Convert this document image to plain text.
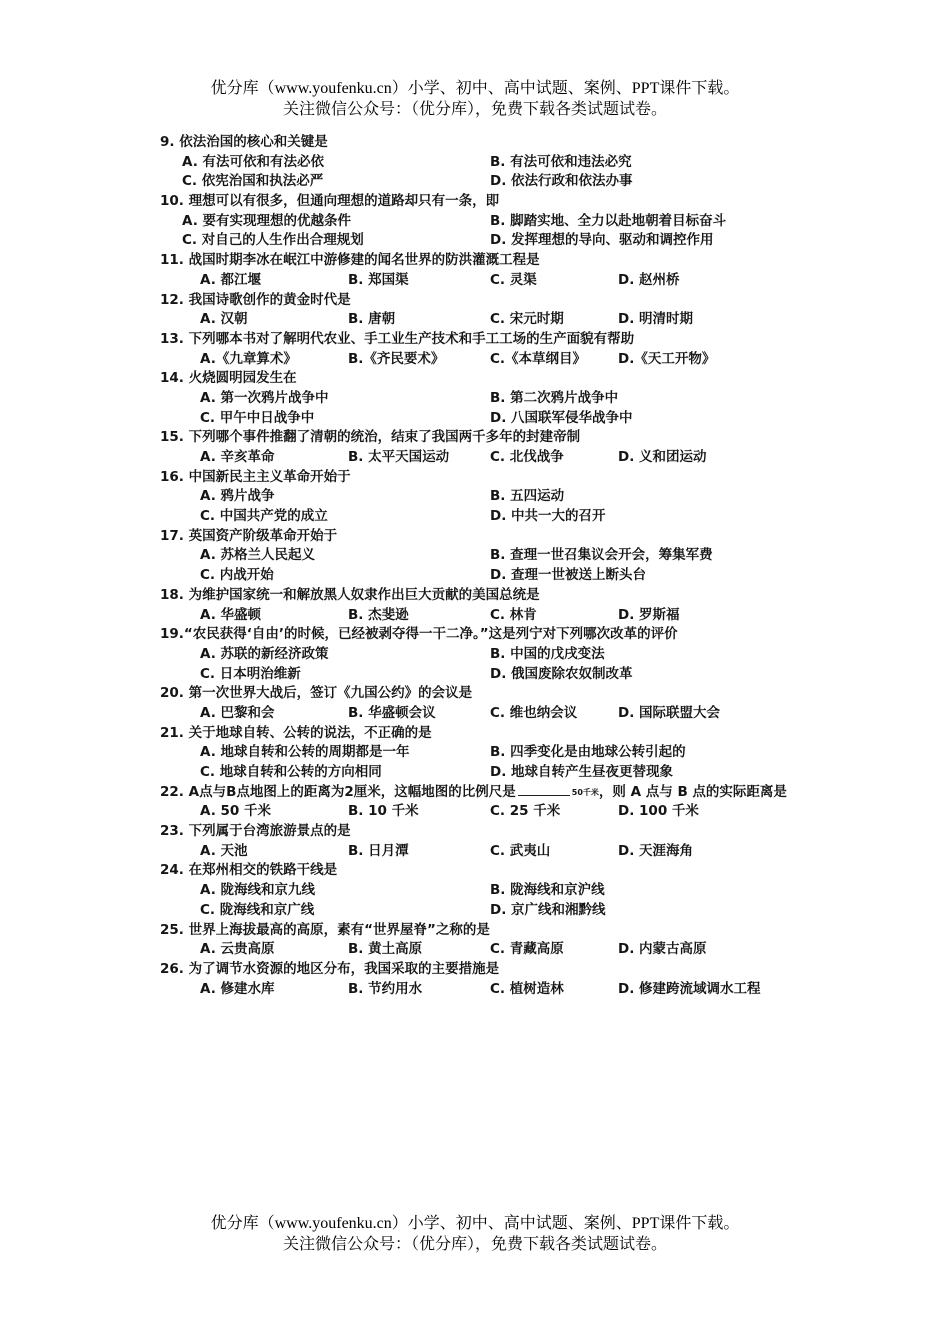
优分库（www.youfenku.cn）小学、初中、高中试题、案例、PPT课件下载。
关注微信公众号：（优分库），免费下载各类试题试卷。
9. 依法治国的核心和关键是
A. 有法可依和有法必依	B. 有法可依和违法必究
C. 依宪治国和执法必严	D. 依法行政和依法办事
10. 理想可以有很多，但通向理想的道路却只有一条，即
A. 要有实现理想的优越条件	B. 脚踏实地、全力以赴地朝着目标奋斗
C. 对自己的人生作出合理规划	D. 发挥理想的导向、驱动和调控作用
11. 战国时期李冰在岷江中游修建的闻名世界的防洪灌溉工程是
A. 都江堰	B. 郑国渠	C. 灵渠	D. 赵州桥
12. 我国诗歌创作的黄金时代是
A. 汉朝	B. 唐朝	C. 宋元时期	D. 明清时期
13. 下列哪本书对了解明代农业、手工业生产技术和手工工场的生产面貌有帮助
A.《九章算术》	B.《齐民要术》	C.《本草纲目》 D.《天工开物》
14. 火烧圆明园发生在
A. 第一次鸦片战争中	B. 第二次鸦片战争中
C. 甲午中日战争中	D. 八国联军侵华战争中
15. 下列哪个事件推翻了清朝的统治，结束了我国两千多年的封建帝制
A. 辛亥革命	B. 太平天国运动	C. 北伐战争	D. 义和团运动
16. 中国新民主主义革命开始于
A. 鸦片战争	B. 五四运动
C. 中国共产党的成立	D. 中共一大的召开
17. 英国资产阶级革命开始于
A. 苏格兰人民起义	B. 查理一世召集议会开会，筹集军费
C. 内战开始	D. 查理一世被送上断头台
18. 为维护国家统一和解放黑人奴隶作出巨大贡献的美国总统是
A. 华盛顿	B. 杰斐逊	C. 林肯	D. 罗斯福
19.“农民获得‘自由’的时候，已经被剥夺得一干二净。”这是列宁对下列哪次改革的评价
A. 苏联的新经济政策	B. 中国的戊戌变法
C. 日本明治维新	D. 俄国废除农奴制改革
20. 第一次世界大战后，签订《九国公约》的会议是
A. 巴黎和会	B. 华盛顿会议	C. 维也纳会议	D. 国际联盟大会
21. 关于地球自转、公转的说法，不正确的是
A. 地球自转和公转的周期都是一年	B. 四季变化是由地球公转引起的
C. 地球自转和公转的方向相同	D. 地球自转产生昼夜更替现象
22. A点与B点地图上的距离为2厘米，这幅地图的比例尺是	$^{50千米}$，则 A 点与 B 点的实际距离是
A. 50 千米	B. 10 千米	C. 25 千米	D. 100 千米
23. 下列属于台湾旅游景点的是
A. 天池	B. 日月潭	C. 武夷山	D. 天涯海角
24. 在郑州相交的铁路干线是
A. 陇海线和京九线	B. 陇海线和京沪线
C. 陇海线和京广线	D. 京广线和湘黔线
25. 世界上海拔最高的高原，素有“世界屋脊”之称的是
A. 云贵高原	B. 黄土高原	C. 青藏高原	D. 内蒙古高原
26. 为了调节水资源的地区分布，我国采取的主要措施是
A. 修建水库	B. 节约用水	C. 植树造林	D. 修建跨流域调水工程
优分库（www.youfenku.cn）小学、初中、高中试题、案例、PPT课件下载。
关注微信公众号：（优分库），免费下载各类试题试卷。
